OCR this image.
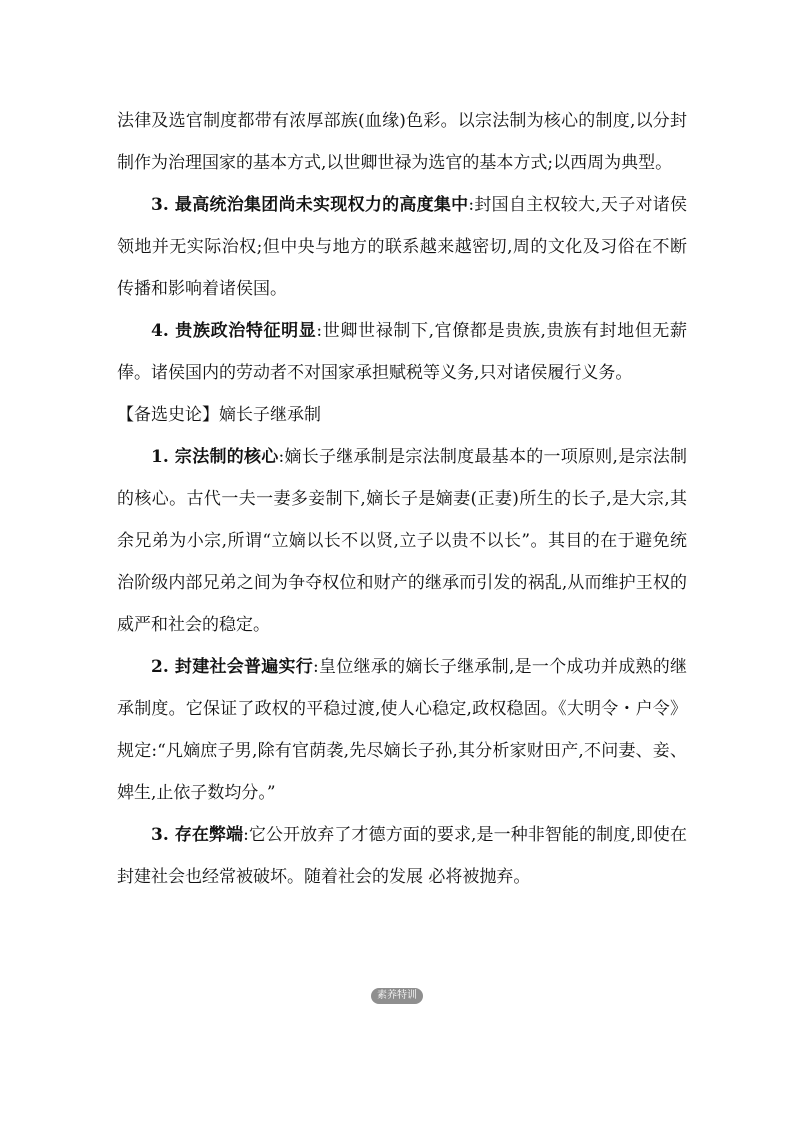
法律及选官制度都带有浓厚部族(血缘)色彩。以宗法制为核心的制度,以分封制作为治理国家的基本方式,以世卿世禄为选官的基本方式;以西周为典型。

3. 最高统治集团尚未实现权力的高度集中:封国自主权较大,天子对诸侯领地并无实际治权;但中央与地方的联系越来越密切,周的文化及习俗在不断传播和影响着诸侯国。

4. 贵族政治特征明显:世卿世禄制下,官僚都是贵族,贵族有封地但无薪俸。诸侯国内的劳动者不对国家承担赋税等义务,只对诸侯履行义务。

【备选史论】嫡长子继承制

1. 宗法制的核心:嫡长子继承制是宗法制度最基本的一项原则,是宗法制的核心。古代一夫一妻多妾制下,嫡长子是嫡妻(正妻)所生的长子,是大宗,其余兄弟为小宗,所谓“立嫡以长不以贤,立子以贵不以长”。其目的在于避免统治阶级内部兄弟之间为争夺权位和财产的继承而引发的祸乱,从而维护王权的威严和社会的稳定。

2. 封建社会普遍实行:皇位继承的嫡长子继承制,是一个成功并成熟的继承制度。它保证了政权的平稳过渡,使人心稳定,政权稳固。《大明令・户令》规定:“凡嫡庶子男,除有官荫袭,先尽嫡长子孙,其分析家财田产,不问妻、妾、婢生,止依子数均分。”

3. 存在弊端:它公开放弃了才德方面的要求,是一种非智能的制度,即使在封建社会也经常被破坏。随着社会的发展 必将被抛弃。

素养特训
